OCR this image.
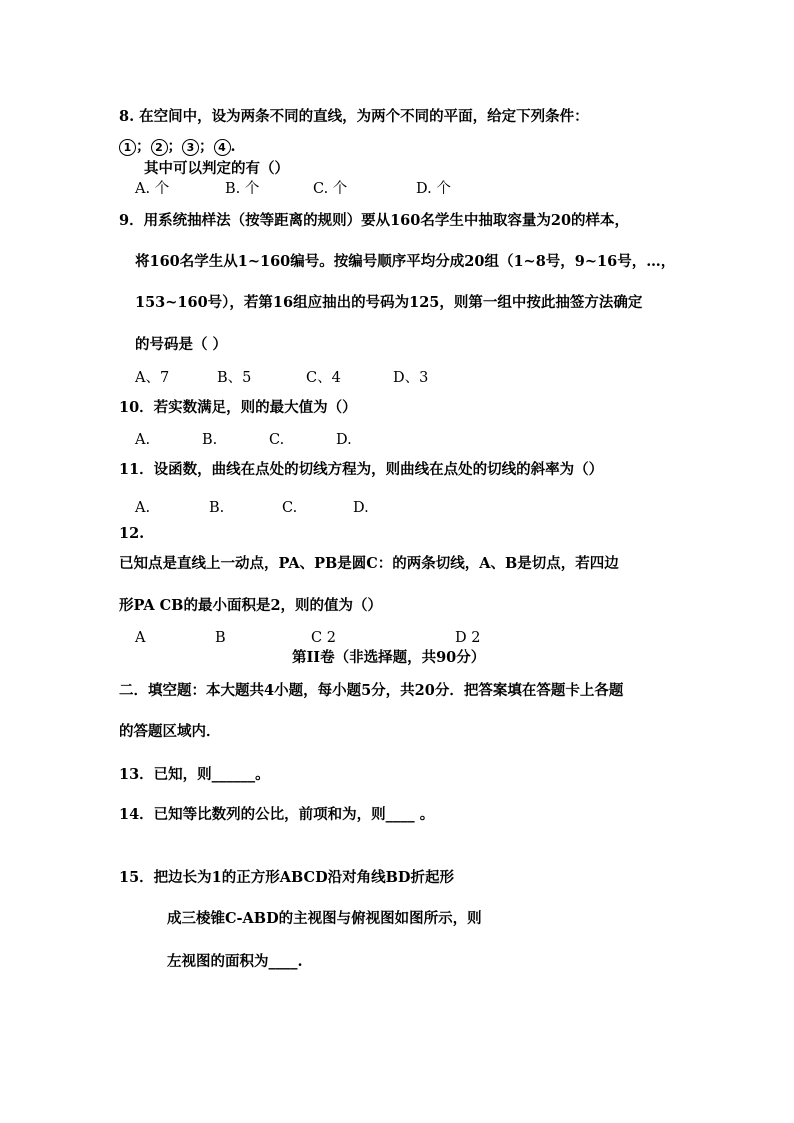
8. 在空间中，设为两条不同的直线，为两个不同的平面，给定下列条件：
1 ； 2 ； 3 ； 4 .
其中可以判定的有（）
A. 个	B. 个	C. 个	D. 个
9．用系统抽样法（按等距离的规则）要从160名学生中抽取容量为20的样本，
将160名学生从1~160编号。按编号顺序平均分成20组（1~8号，9~16号，…，
153~160号），若第16组应抽出的号码为125，则第一组中按此抽签方法确定
的号码是（ ）
A、7	B、5	C、4	D、3
10．若实数满足，则的最大值为（）
A.	B.	C.	D.
11．设函数，曲线在点处的切线方程为，则曲线在点处的切线的斜率为（）
A.	B.	C.	D.
12.
已知点是直线上一动点，PA、PB是圆C：的两条切线，A、B是切点，若四边
形PA CB的最小面积是2，则的值为（）
A	B	C 2	D 2
第II卷（非选择题，共90分）
二．填空题：本大题共4小题，每小题5分，共20分．把答案填在答题卡上各题
的答题区域内．
13．已知，则______。
14．已知等比数列的公比，前项和为，则____ 。
15．把边长为1的正方形ABCD沿对角线BD折起形
成三棱锥C-ABD的主视图与俯视图如图所示，则
左视图的面积为____.
